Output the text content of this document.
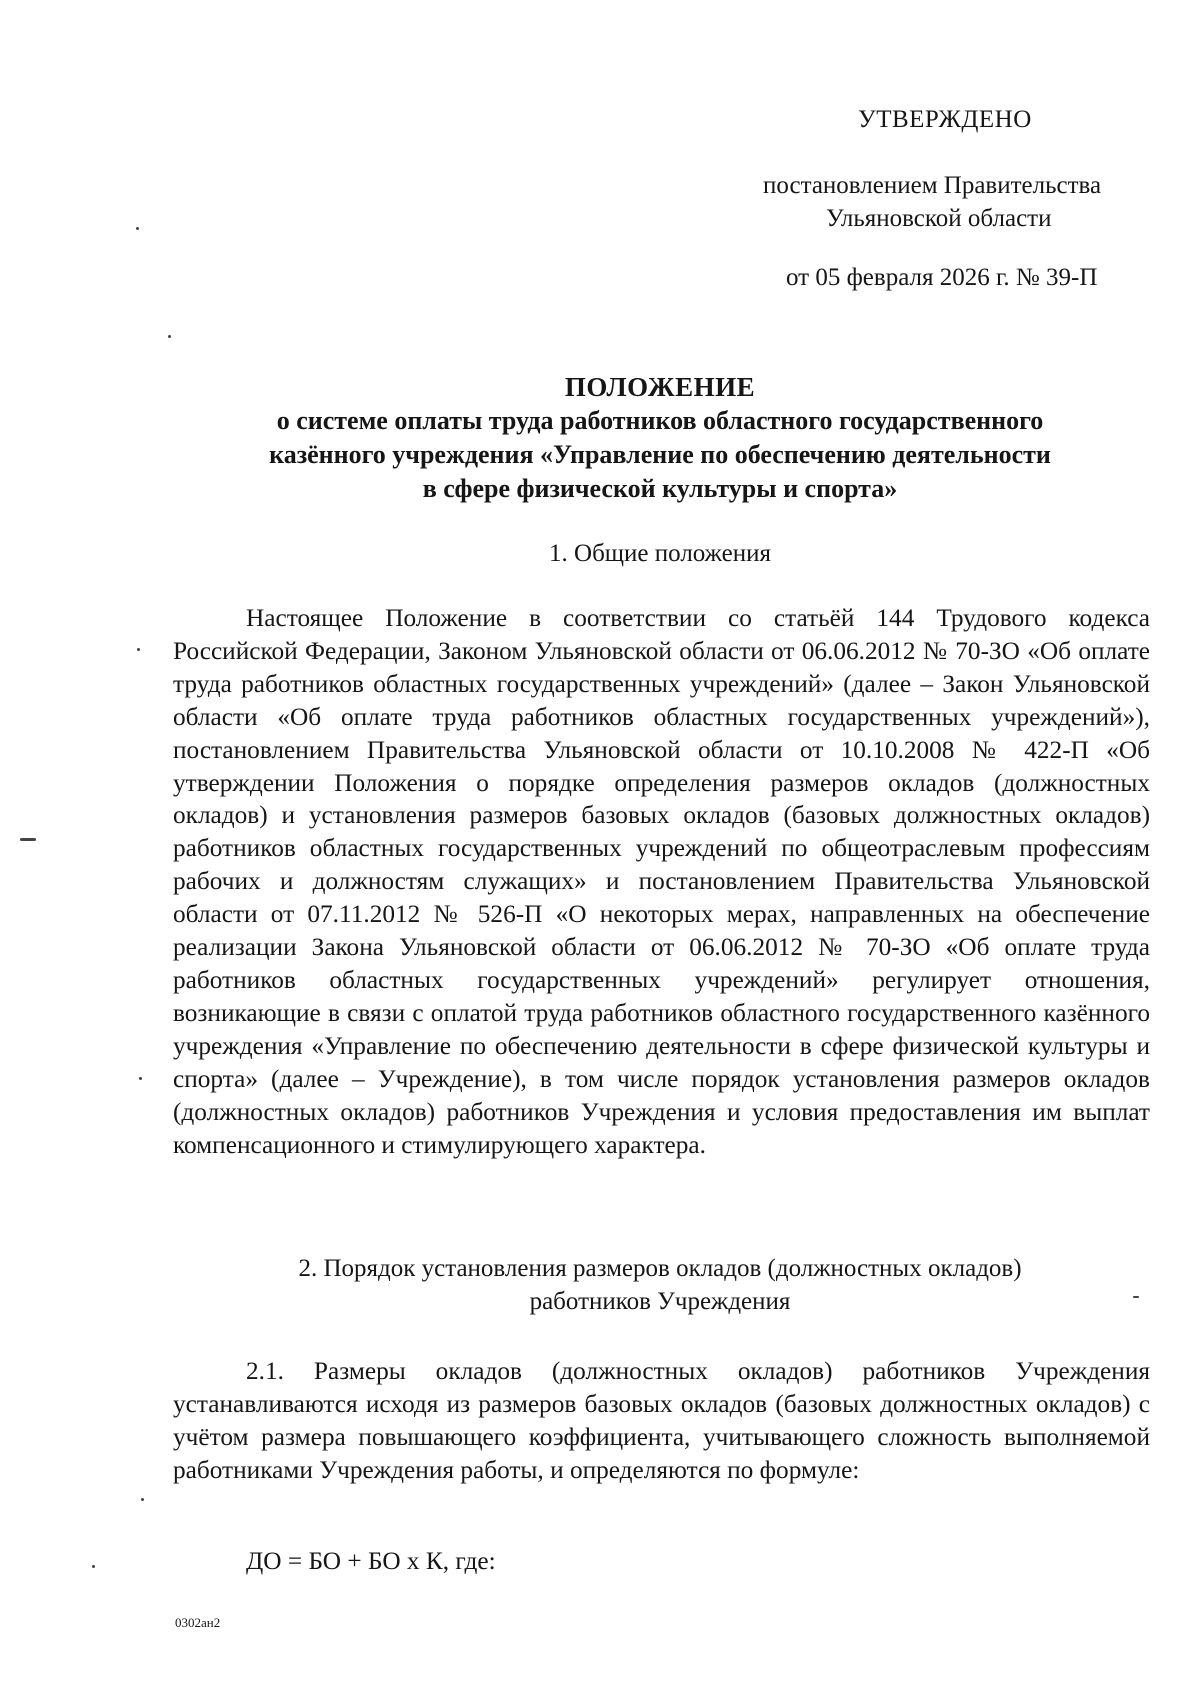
УТВЕРЖДЕНО
постановлением Правительства
Ульяновской области
от 05 февраля 2026 г. № 39-П
ПОЛОЖЕНИЕ
о системе оплаты труда работников областного государственного
казённого учреждения «Управление по обеспечению деятельности
в сфере физической культуры и спорта»
1. Общие положения
Настоящее Положение в соответствии со статьёй 144 Трудового кодекса Российской Федерации, Законом Ульяновской области от 06.06.2012 № 70-ЗО «Об оплате труда работников областных государственных учреждений» (далее – Закон Ульяновской области «Об оплате труда работников областных государственных учреждений»), постановлением Правительства Ульяновской области от 10.10.2008 № 422-П «Об утверждении Положения о порядке определения размеров окладов (должностных окладов) и установления размеров базовых окладов (базовых должностных окладов) работников областных государственных учреждений по общеотраслевым профессиям рабочих и должностям служащих» и постановлением Правительства Ульяновской области от 07.11.2012 № 526-П «О некоторых мерах, направленных на обеспечение реализации Закона Ульяновской области от 06.06.2012 № 70-ЗО «Об оплате труда работников областных государственных учреждений» регулирует отношения, возникающие в связи с оплатой труда работников областного государственного казённого учреждения «Управление по обеспечению деятельности в сфере физической культуры и спорта» (далее – Учреждение), в том числе порядок установления размеров окладов (должностных окладов) работников Учреждения и условия предоставления им выплат компенсационного и стимулирующего характера.
2. Порядок установления размеров окладов (должностных окладов)
работников Учреждения
2.1. Размеры окладов (должностных окладов) работников Учреждения устанавливаются исходя из размеров базовых окладов (базовых должностных окладов) с учётом размера повышающего коэффициента, учитывающего сложность выполняемой работниками Учреждения работы, и определяются по формуле:
ДО = БО + БО х К, где:
0302ан2
